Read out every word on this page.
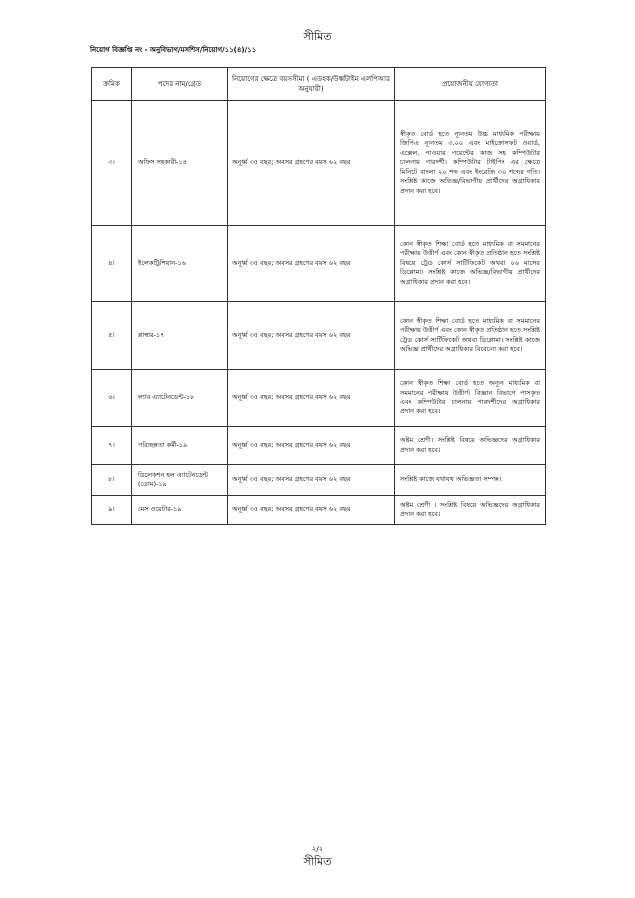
সীমিত
নিয়োগ বিজ্ঞপ্তি নং - অনুবিভাগ/মসশিস/নিয়োগ/১১(৪)/১১
ক্রমিক	পদের নাম/গ্রেড	নিয়োগের ক্ষেত্রে বয়সসীমা ( এডহক/উর্ধ্বটাইম এলপিআর অনুযায়ী)	প্রয়োজনীয় যোগ্যতা
৩।	অফিস সহকারী-১৪	অনূর্ধ্ব ৩৫ বছর; অবসর গ্রহণের বয়স ৬২ বছর	স্বীকৃত বোর্ড হতে ন্যূনতম উচ্চ মাধ্যমিক পরীক্ষায় জিপিএ ন্যূনতম ৩.০০ এবং মাইক্রোসফট ওয়ার্ড, এক্সেল, পাওয়ার পয়েন্টের কাজ সহ কম্পিউটার চালনায় পারদর্শী। কম্পিউটার টাইপিং এর ক্ষেত্রে মিনিটে বাংলা ২০ শব্দ এবং ইংরেজি ৩০ শব্দের গতি। সংশ্লিষ্ট কাজে অভিজ্ঞ/বিভাগীয় প্রার্থীদের অগ্রাধিকার প্রদান করা হবে।
৪।	ইলেকট্রিশিয়ান-১৬	অনূর্ধ্ব ৩৫ বছর; অবসর গ্রহণের বয়স ৬২ বছর	কোন স্বীকৃত শিক্ষা বোর্ড হতে মাধ্যমিক বা সমমানের পরীক্ষায় উত্তীর্ণ এবং কোন স্বীকৃত প্রতিষ্ঠান হতে সংশ্লিষ্ট বিষয়ে ট্রেড কোর্স সার্টিফিকেট অথবা ০৬ মাসের ডিপ্লোমা। সংশ্লিষ্ট কাজে অভিজ্ঞ/বিভাগীয় প্রার্থীদের অগ্রাধিকার প্রদান করা হবে।
৫।	প্লাম্বার-১৭	অনূর্ধ্ব ৩৫ বছর; অবসর গ্রহণের বয়স ৬২ বছর	কোন স্বীকৃত শিক্ষা বোর্ড হতে মাধ্যমিক বা সমমানের পরীক্ষায় উত্তীর্ণ এবং কোন স্বীকৃত প্রতিষ্ঠান হতে সংশ্লিষ্ট ট্রেড কোর্স সার্টিফিকেট অথবা ডিপ্লোমা। সংশ্লিষ্ট কাজে অভিজ্ঞ প্রার্থীদের অগ্রাধিকার বিবেচনা করা হবে।
৬।	ল্যাব এ্যাটেনডেন্ট-১৮	অনূর্ধ্ব ৩৫ বছর; অবসর গ্রহণের বয়স ৬২ বছর	কোন স্বীকৃত শিক্ষা বোর্ড হতে অন্যূন মাধ্যমিক বা সমমানের পরীক্ষায় উত্তীর্ণ। বিজ্ঞান বিভাগে পাসকৃত এবং কম্পিউটার চালনায় পারদর্শীদের অগ্রাধিকার প্রদান করা হবে।
৭।	পরিচ্ছন্নতা কর্মী-১৯	অনূর্ধ্ব ৩৫ বছর; অবসর গ্রহণের বয়স ৬২ বছর	অষ্টম শ্রেণী। সংশ্লিষ্ট বিষয়ে অভিজ্ঞদের অগ্রাধিকার প্রদান করা হবে।
৮।	ডিলেকশন হল এ্যাটেনডেন্ট (ডোম)-১৯	অনূর্ধ্ব ৩৫ বছর; অবসর গ্রহণের বয়স ৬২ বছর	সংশ্লিষ্ট কাজে যথাযথ অভিজ্ঞতা সম্পন্ন।
৯।	মেস ওয়েটার-১৯	অনূর্ধ্ব ৩৫ বছর; অবসর গ্রহণের বয়স ৬২ বছর	অষ্টম শ্রেণী । সংশ্লিষ্ট বিষয়ে অভিজ্ঞদের অগ্রাধিকার প্রদান করা হবে।
২/২
সীমিত
